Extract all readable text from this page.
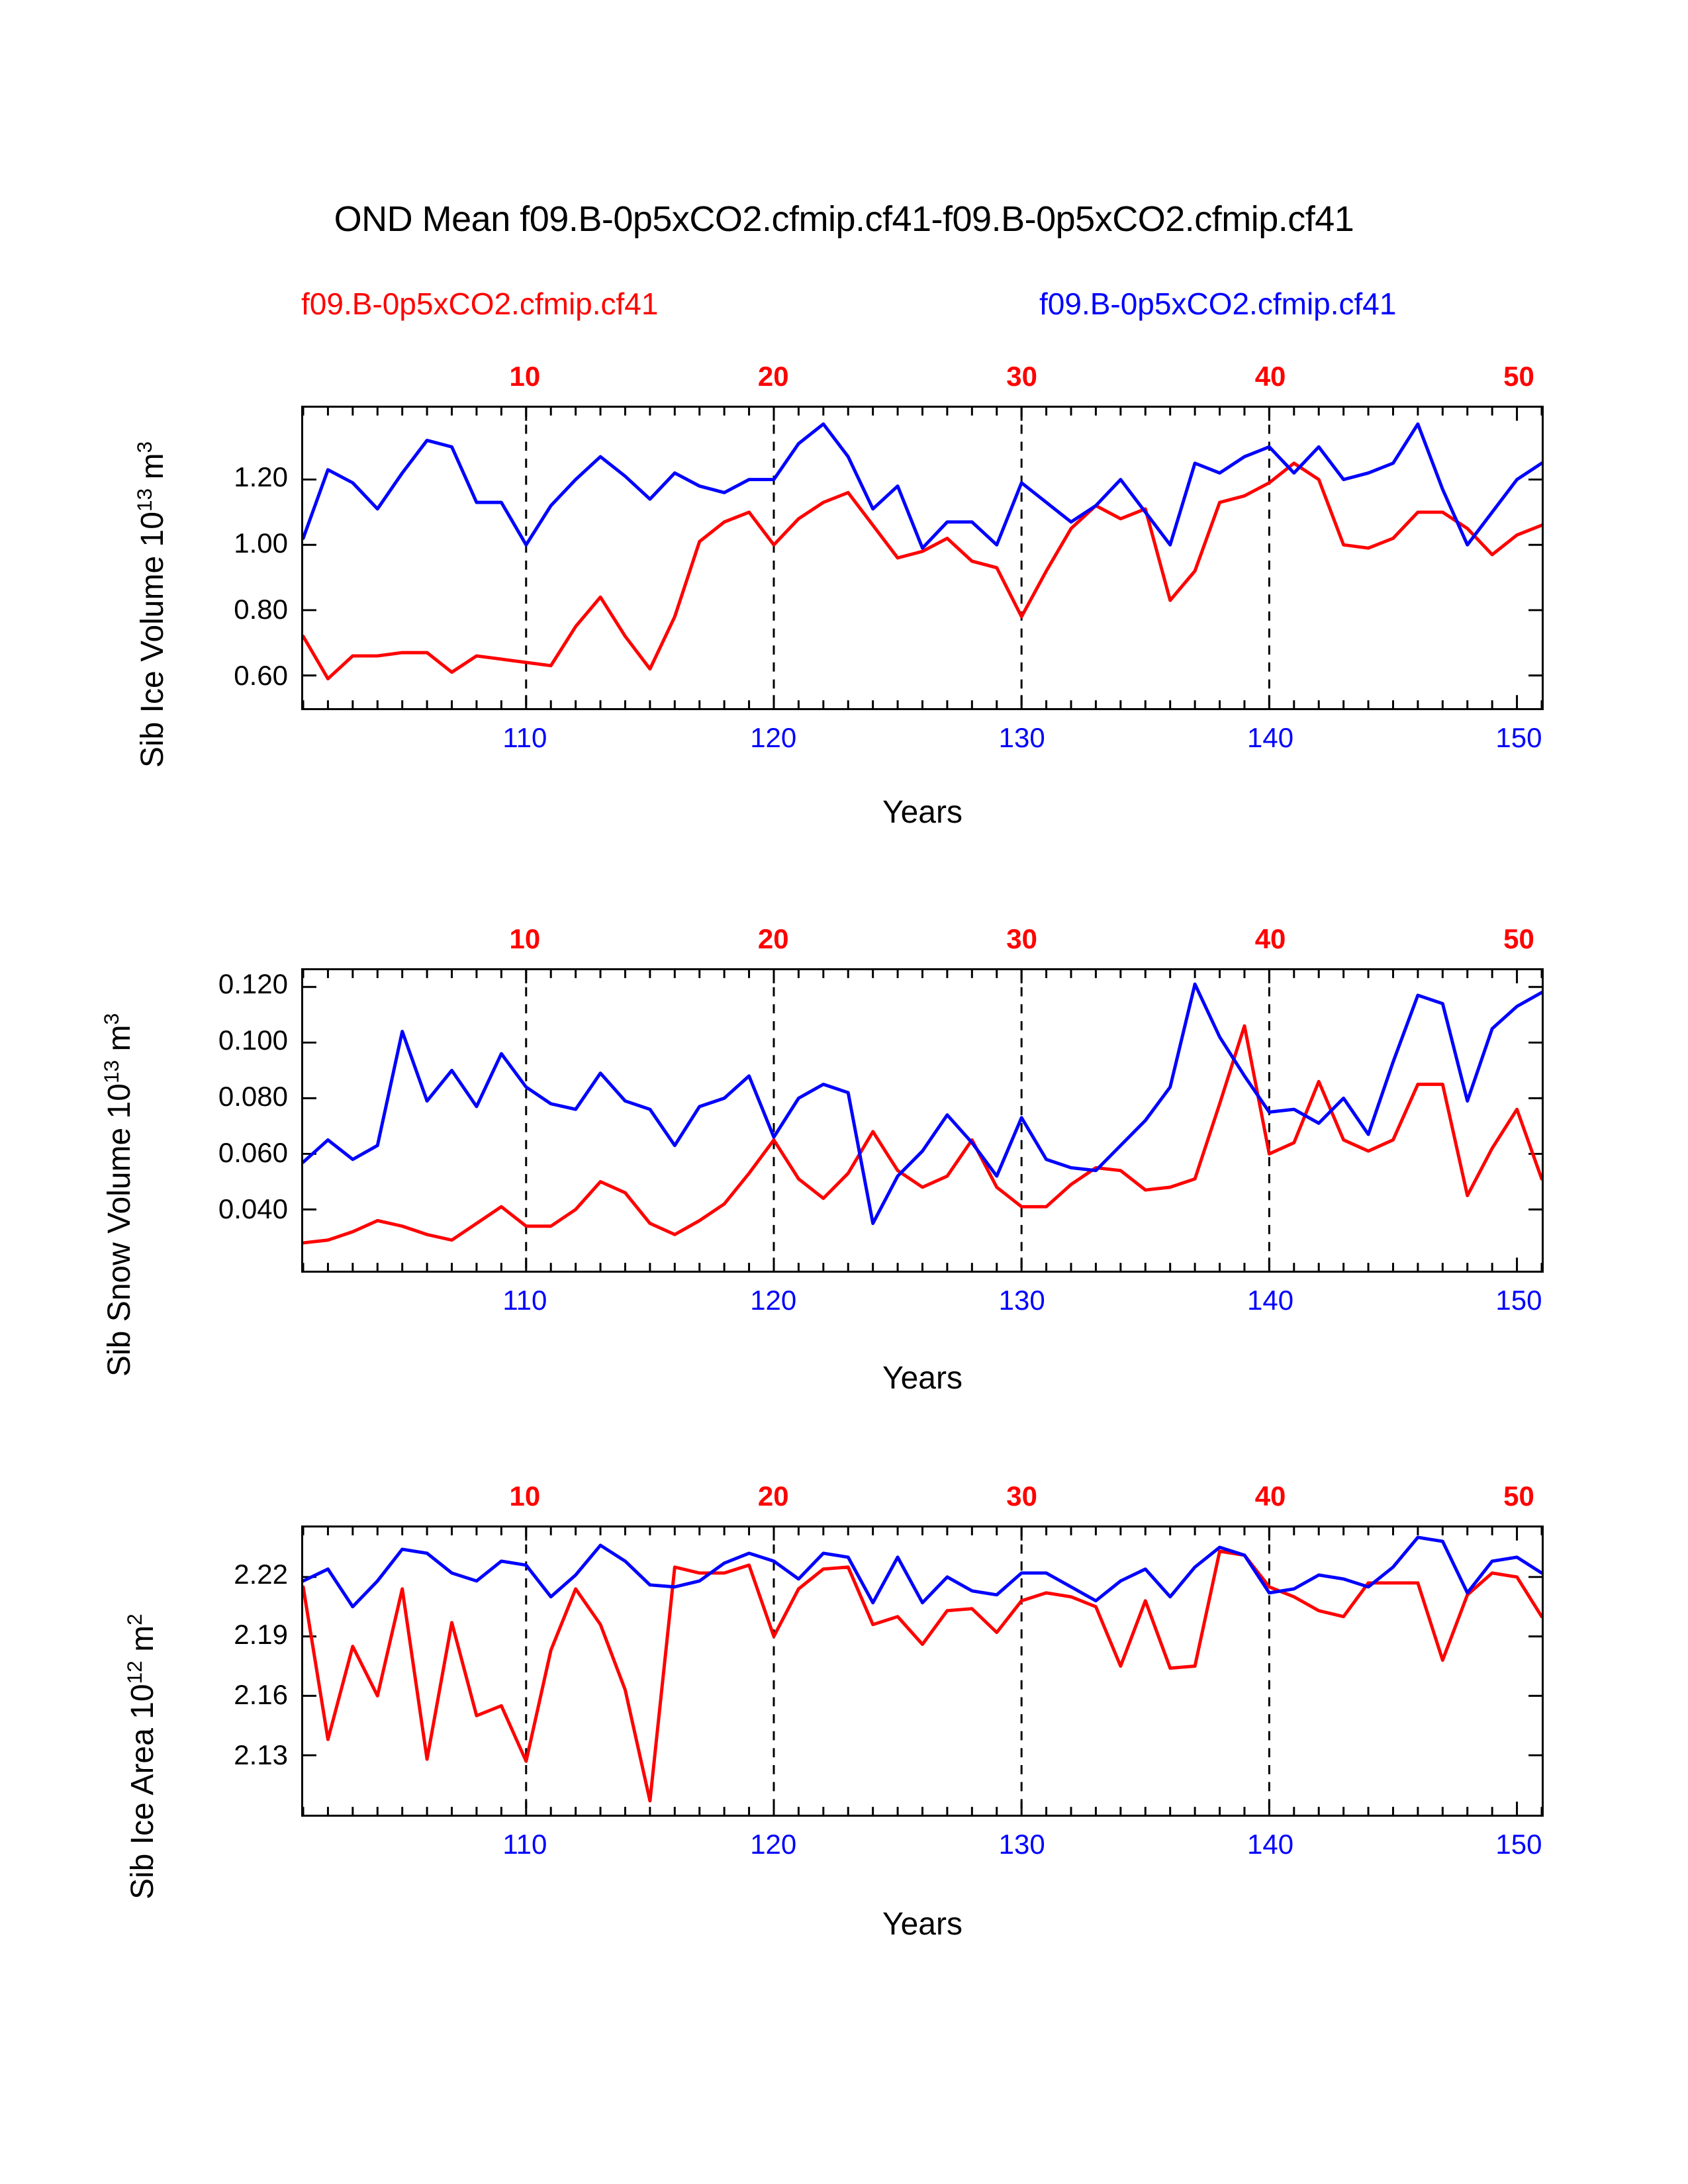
OND Mean f09.B-0p5xCO2.cfmip.cf41-f09.B-0p5xCO2.cfmip.cf41
f09.B-0p5xCO2.cfmip.cf41	f09.B-0p5xCO2.cfmip.cf41
Sib Ice Volume $10^{13}$ $m^3$
Years
Sib Snow Volume $10^{13}$ $m^3$
Years
Sib Ice Area $10^{12}$ $m^2$
Years
0.60
0.80
1.00
1.20
10	20	30	40	50
110	120	130	140	150
0.040
0.060
0.080
0.100
0.120
10	20	30	40	50
110	120	130	140	150
2.13
2.16
2.19
2.22
10	20	30	40	50
110	120	130	140	150
